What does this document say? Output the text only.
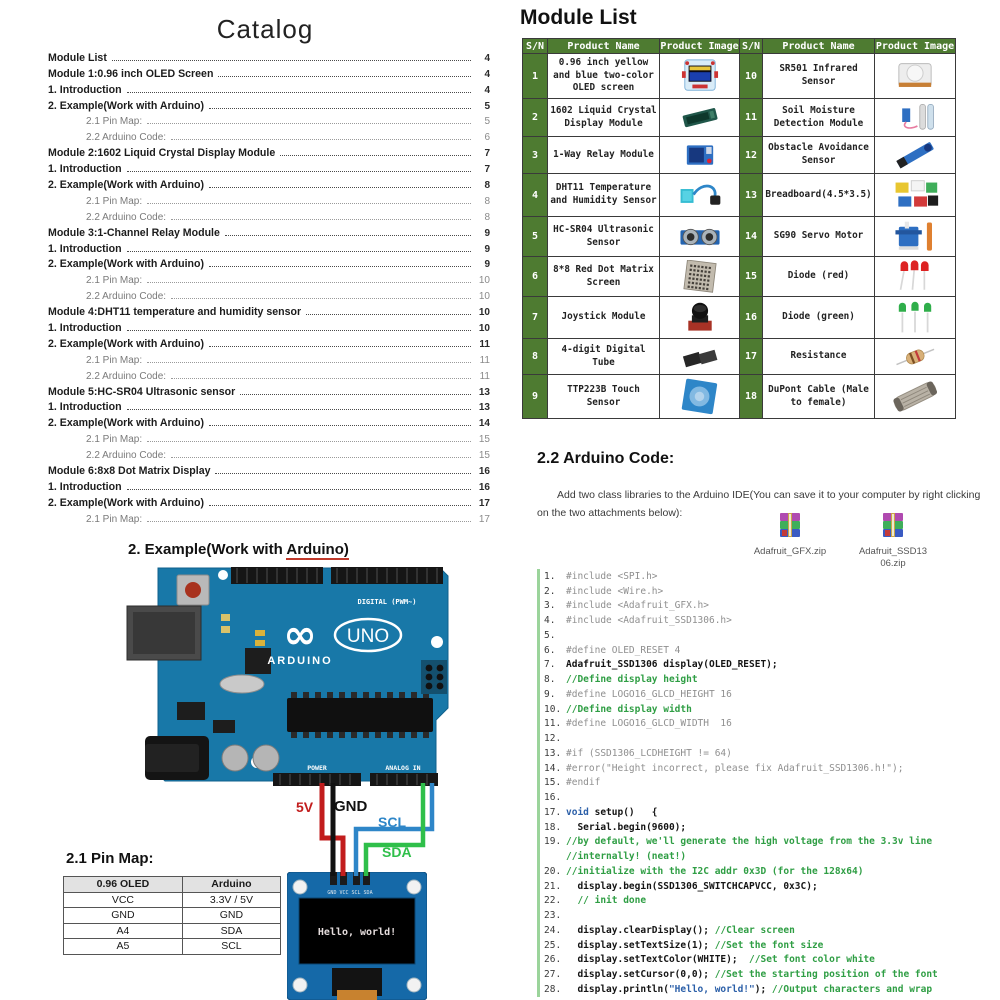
Catalog
Module List	4
Module 1:0.96 inch OLED Screen	4
1. Introduction	4
2. Example(Work with Arduino)	5
2.1 Pin Map:	5
2.2 Arduino Code:	6
Module 2:1602 Liquid Crystal Display Module	7
1. Introduction	7
2. Example(Work with Arduino)	8
2.1 Pin Map:	8
2.2 Arduino Code:	8
Module 3:1-Channel Relay Module	9
1. Introduction	9
2. Example(Work with Arduino)	9
2.1 Pin Map:	10
2.2 Arduino Code:	10
Module 4:DHT11 temperature and humidity sensor	10
1. Introduction	10
2. Example(Work with Arduino)	11
2.1 Pin Map:	11
2.2 Arduino Code:	11
Module 5:HC-SR04 Ultrasonic sensor	13
1. Introduction	13
2. Example(Work with Arduino)	14
2.1 Pin Map:	15
2.2 Arduino Code:	15
Module 6:8x8 Dot Matrix Display	16
1. Introduction	16
2. Example(Work with Arduino)	17
2.1 Pin Map:	17
2. Example(Work with Arduino)
∞ UNO
ARDUINO
DIGITAL (PWM~)
POWER	ANALOG IN
GND VCC SCL SDA
Hello, world!
5V GND
SCL
SDA
2.1 Pin Map:
0.96 OLED	Arduino
VCC	3.3V / 5V
GND	GND
A4	SDA
A5	SCL
Module List
S/N	Product Name	Product Image	S/N	Product Name	Product Image
1	0.96 inch yellow and blue two-color OLED screen		10	SR501 Infrared Sensor	

2	1602 Liquid Crystal Display Module		11	Soil Moisture Detection Module	

3	1-Way Relay Module		12	Obstacle Avoidance Sensor	

4	DHT11 Temperature and Humidity Sensor		13	Breadboard(4.5*3.5)	

5	HC-SR04 Ultrasonic Sensor		14	SG90 Servo Motor	

6	8*8 Red Dot Matrix Screen		15	Diode (red)	

7	Joystick Module		16	Diode (green)	

8	4-digit Digital Tube		17	Resistance	

9	TTP223B Touch Sensor		18	DuPont Cable (Male to female)	
2.2 Arduino Code:
Add two class libraries to the Arduino IDE(You can save it to your computer by right clicking
on the two attachments below):
Adafruit_GFX.zip	Adafruit_SSD13
06.zip
1.	#include <SPI.h>
2.	#include <Wire.h>
3.	#include <Adafruit_GFX.h>
4.	#include <Adafruit_SSD1306.h>
5.
6.	#define OLED_RESET 4
7.	Adafruit_SSD1306 display(OLED_RESET);
8.	//Define display height
9.	#define LOGO16_GLCD_HEIGHT 16
10. //Define display width
11. #define LOGO16_GLCD_WIDTH  16
12.
13. #if (SSD1306_LCDHEIGHT != 64)
14. #error("Height incorrect, please fix Adafruit_SSD1306.h!");
15. #endif
16.
17. void setup()   {
18. Serial.begin(9600);
19. //by default, we'll generate the high voltage from the 3.3v line
//internally! (neat!)
20. //initialize with the I2C addr 0x3D (for the 128x64)
21. display.begin(SSD1306_SWITCHCAPVCC, 0x3C);
22. // init done
23.
24. display.clearDisplay(); //Clear screen
25. display.setTextSize(1); //Set the font size
26. display.setTextColor(WHITE);  //Set font color white
27. display.setCursor(0,0); //Set the starting position of the font
28. display.println("Hello, world!"); //Output characters and wrap
